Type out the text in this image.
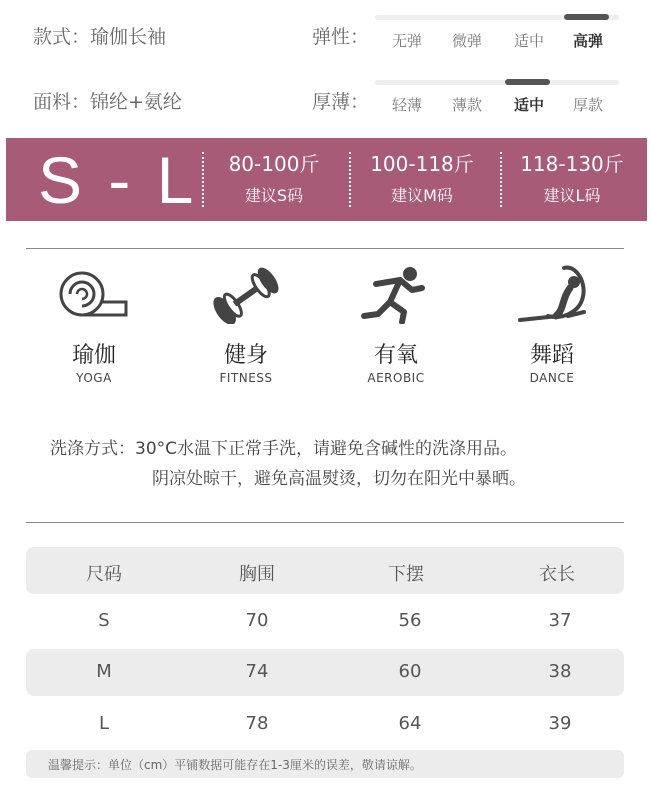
款式：瑜伽长袖
面料：锦纶+氨纶
弹性：	无弹	微弹	适中	高弹
厚薄：	轻薄	薄款	适中	厚款
S - L	80-100斤
建议S码
100-118斤
建议M码
118-130斤
建议L码
瑜伽
YOGA
健身
FITNESS
有氧
AEROBIC
舞蹈
DANCE
洗涤方式：30°C水温下正常手洗，请避免含碱性的洗涤用品。
阴凉处晾干，避免高温熨烫，切勿在阳光中暴晒。
尺码	胸围	下摆	衣长
S	70	56	37
M	74	60	38
L	78	64	39
温馨提示：单位（cm）平铺数据可能存在1-3厘米的误差，敬请谅解。
